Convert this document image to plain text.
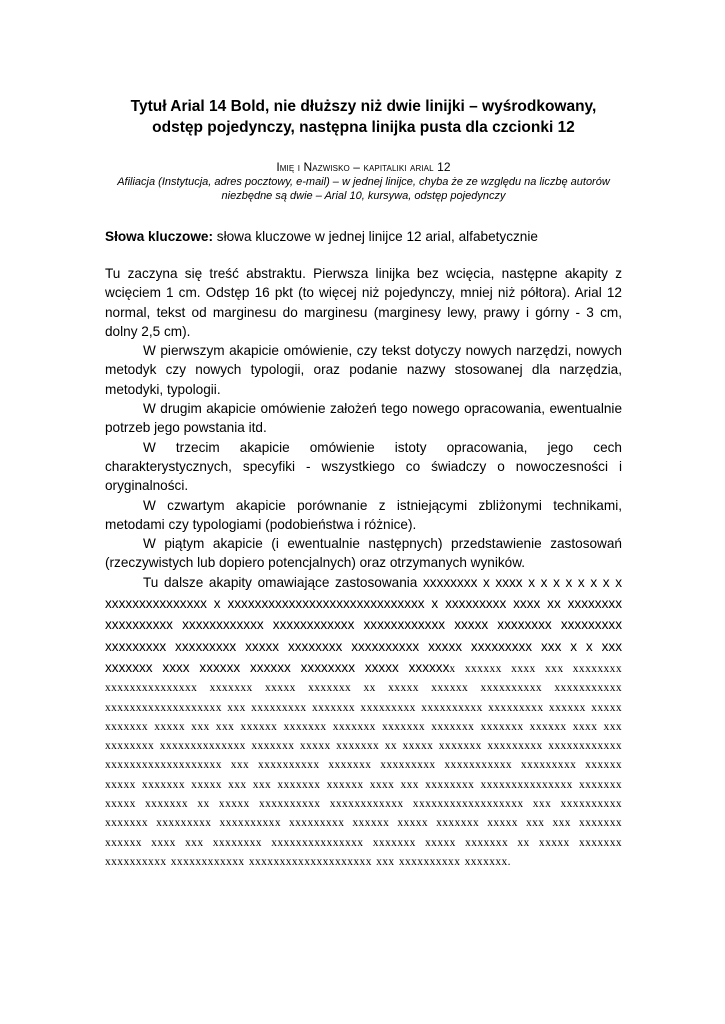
Tytuł Arial 14 Bold, nie dłuższy niż dwie linijki – wyśrodkowany, odstęp pojedynczy, następna linijka pusta dla czcionki 12
Imię i Nazwisko – kapitaliki arial 12

Afiliacja (Instytucja, adres pocztowy, e-mail) – w jednej linijce, chyba że ze względu na liczbę autorów niezbędne są dwie – Arial 10, kursywa, odstęp pojedynczy

Słowa kluczowe: słowa kluczowe w jednej linijce 12 arial, alfabetycznie

Tu zaczyna się treść abstraktu. Pierwsza linijka bez wcięcia, następne akapity z wcięciem 1 cm. Odstęp 16 pkt (to więcej niż pojedynczy, mniej niż półtora). Arial 12 normal, tekst od marginesu do marginesu (marginesy lewy, prawy i górny - 3 cm, dolny 2,5 cm).

W pierwszym akapicie omówienie, czy tekst dotyczy nowych narzędzi, nowych metodyk czy nowych typologii, oraz podanie nazwy stosowanej dla narzędzia, metodyki, typologii.

W drugim akapicie omówienie założeń tego nowego opracowania, ewentualnie potrzeb jego powstania itd.

W trzecim akapicie omówienie istoty opracowania, jego cech charakterystycznych, specyfiki - wszystkiego co świadczy o nowoczesności i oryginalności.

W czwartym akapicie porównanie z istniejącymi zbliżonymi technikami, metodami czy typologiami (podobieństwa i różnice).

W piątym akapicie (i ewentualnie następnych) przedstawienie zastosowań (rzeczywistych lub dopiero potencjalnych) oraz otrzymanych wyników.

Tu dalsze akapity omawiające zastosowania xxxxxxxx x xxxx x x x x x x x x xxxxxxxxxxxxxxx x xxxxxxxxxxxxxxxxxxxxxxxxxxxxx x xxxxxxxxx xxxx xx xxxxxxxx xxxxxxxxxx xxxxxxxxxxxx xxxxxxxxxxxx xxxxxxxxxxxx xxxxx xxxxxxxx xxxxxxxxx xxxxxxxxx xxxxxxxxx xxxxx xxxxxxxx xxxxxxxxxx xxxxx xxxxxxxxx xxx x x xxx xxxxxxx xxxx xxxxxx xxxxxx xxxxxxxx xxxxx xxxxxxx xxxxxx xxxx xxx xxxxxxxx xxxxxxxxxxxxxxx xxxxxxx xxxxx xxxxxxx xx xxxxx xxxxxx xxxxxxxxxx xxxxxxxxxxx xxxxxxxxxxxxxxxxxxx xxx xxxxxxxxx xxxxxxx xxxxxxxxx xxxxxxxxxx xxxxxxxxx xxxxxx xxxxx xxxxxxx xxxxx xxx xxx xxxxxx xxxxxxx xxxxxxx xxxxxxx xxxxxxx xxxxxxx xxxxxx xxxx xxx xxxxxxxx xxxxxxxxxxxxxx xxxxxxx xxxxx xxxxxxx xx xxxxx xxxxxxx xxxxxxxxx xxxxxxxxxxxx xxxxxxxxxxxxxxxxxxx xxx xxxxxxxxxx xxxxxxx xxxxxxxxx xxxxxxxxxxx xxxxxxxxx xxxxxx xxxxx xxxxxxx xxxxx xxx xxx xxxxxxx xxxxxx xxxx xxx xxxxxxxx xxxxxxxxxxxxxxx xxxxxxx xxxxx xxxxxxx xx xxxxx xxxxxxxxxx xxxxxxxxxxxx xxxxxxxxxxxxxxxxxx xxx xxxxxxxxxx xxxxxxx xxxxxxxxx xxxxxxxxxx xxxxxxxxx xxxxxx xxxxx xxxxxxx xxxxx xxx xxx xxxxxxx xxxxxx xxxx xxx xxxxxxxx xxxxxxxxxxxxxxx xxxxxxx xxxxx xxxxxxx xx xxxxx xxxxxxx xxxxxxxxxx xxxxxxxxxxxx xxxxxxxxxxxxxxxxxxxx xxx xxxxxxxxxx xxxxxxx.
